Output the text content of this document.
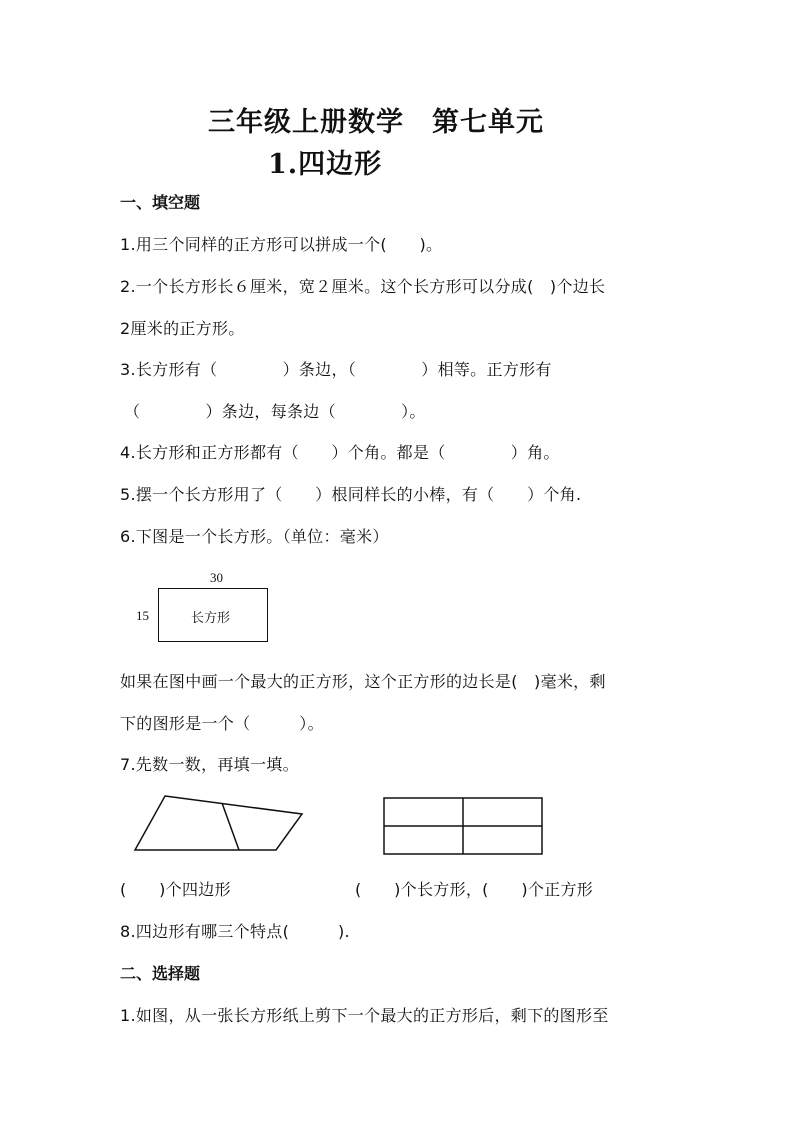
三年级上册数学　第七单元
1.四边形
一、填空题
1.用三个同样的正方形可以拼成一个(　　)。
2.一个长方形长６厘米，宽２厘米。这个长方形可以分成(　)个边长
2厘米的正方形。
3.长方形有（　　　　）条边，（　　　　）相等。正方形有
（　　　　）条边，每条边（　　　　）。
4.长方形和正方形都有（　　）个角。都是（　　　　）角。
5.摆一个长方形用了（　　）根同样长的小棒，有（　　）个角.
6.下图是一个长方形。（单位：毫米）
30
15	长方形
如果在图中画一个最大的正方形，这个正方形的边长是(　)毫米，剩
下的图形是一个（　　　）。
7.先数一数，再填一填。
(　　)个四边形	(　　)个长方形，(　　)个正方形
8.四边形有哪三个特点(　　　).
二、选择题
1.如图，从一张长方形纸上剪下一个最大的正方形后，剩下的图形至
